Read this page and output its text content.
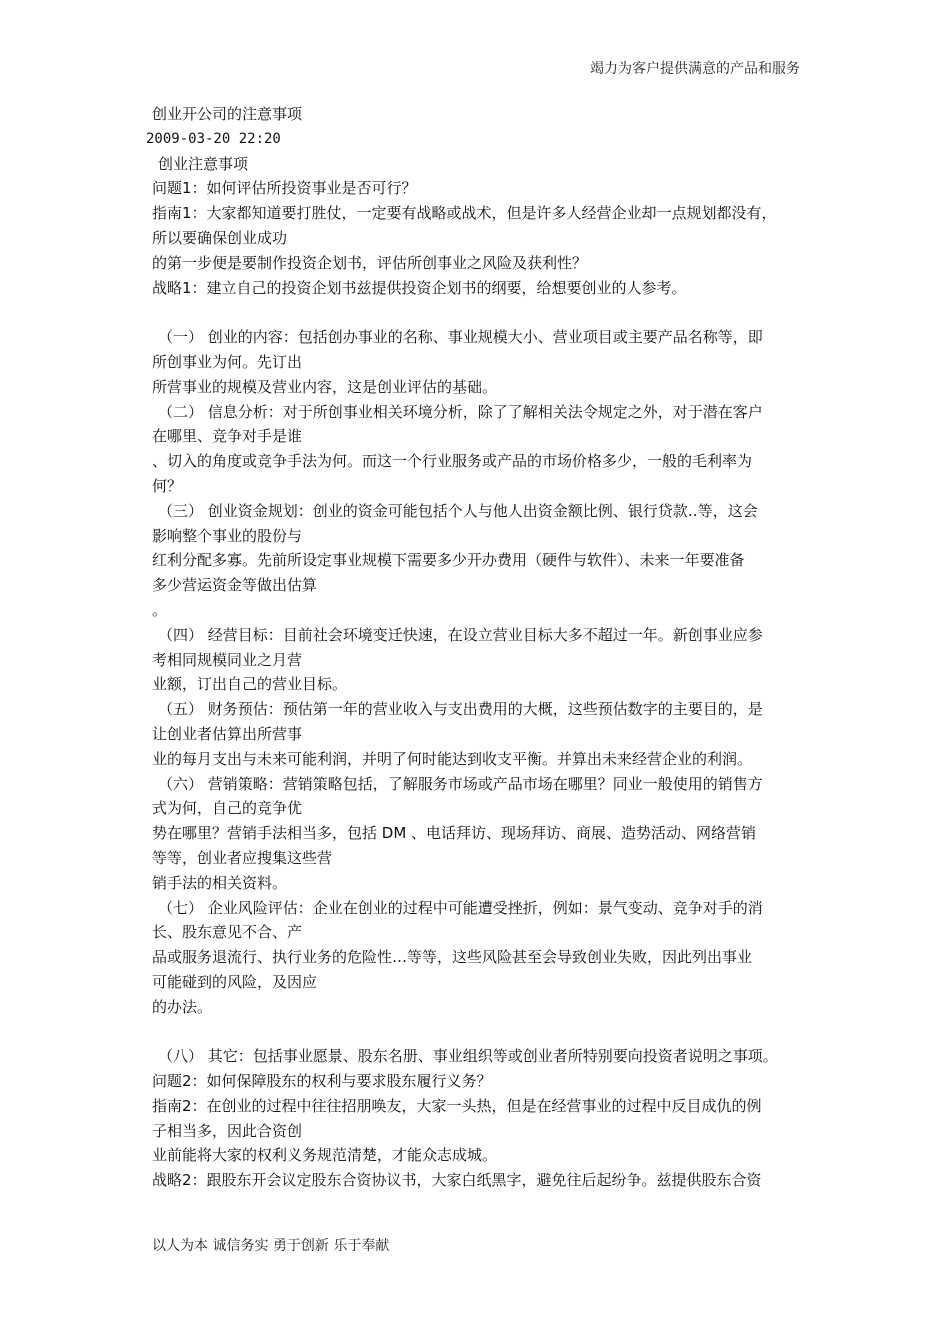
竭力为客户提供满意的产品和服务
创业开公司的注意事项
2009-03-20 22:20
创业注意事项
问题1：如何评估所投资事业是否可行？
指南1：大家都知道要打胜仗，一定要有战略或战术，但是许多人经营企业却一点规划都没有，
所以要确保创业成功
的第一步便是要制作投资企划书，评估所创事业之风险及获利性？
战略1：建立自己的投资企划书兹提供投资企划书的纲要，给想要创业的人参考。
（一） 创业的内容：包括创办事业的名称、事业规模大小、营业项目或主要产品名称等，即
所创事业为何。先订出
所营事业的规模及营业内容，这是创业评估的基础。
（二） 信息分析：对于所创事业相关环境分析，除了了解相关法令规定之外，对于潜在客户
在哪里、竞争对手是谁
、切入的角度或竞争手法为何。而这一个行业服务或产品的市场价格多少，一般的毛利率为
何？
（三） 创业资金规划：创业的资金可能包括个人与他人出资金额比例、银行贷款‥等，这会
影响整个事业的股份与
红利分配多寡。先前所设定事业规模下需要多少开办费用（硬件与软件）、未来一年要准备
多少营运资金等做出估算
。
（四） 经营目标：目前社会环境变迁快速，在设立营业目标大多不超过一年。新创事业应参
考相同规模同业之月营
业额，订出自己的营业目标。
（五） 财务预估：预估第一年的营业收入与支出费用的大概，这些预估数字的主要目的，是
让创业者估算出所营事
业的每月支出与未来可能利润，并明了何时能达到收支平衡。并算出未来经营企业的利润。
（六） 营销策略：营销策略包括，了解服务市场或产品市场在哪里？同业一般使用的销售方
式为何，自己的竞争优
势在哪里？营销手法相当多，包括 DM 、电话拜访、现场拜访、商展、造势活动、网络营销
等等，创业者应搜集这些营
销手法的相关资料。
（七） 企业风险评估：企业在创业的过程中可能遭受挫折，例如：景气变动、竞争对手的消
长、股东意见不合、产
品或服务退流行、执行业务的危险性…等等，这些风险甚至会导致创业失败，因此列出事业
可能碰到的风险，及因应
的办法。
（八） 其它：包括事业愿景、股东名册、事业组织等或创业者所特别要向投资者说明之事项。
问题2：如何保障股东的权利与要求股东履行义务？
指南2：在创业的过程中往往招朋唤友，大家一头热，但是在经营事业的过程中反目成仇的例
子相当多，因此合资创
业前能将大家的权利义务规范清楚，才能众志成城。
战略2：跟股东开会议定股东合资协议书，大家白纸黑字，避免往后起纷争。兹提供股东合资
以人为本 诚信务实 勇于创新 乐于奉献
